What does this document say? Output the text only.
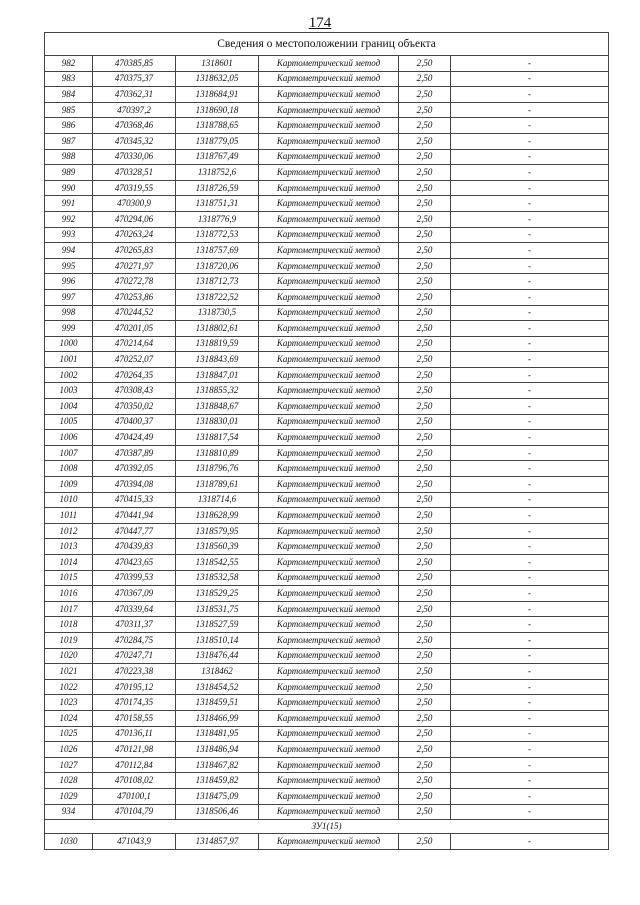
174
Сведения о местоположении границ объекта					
982	470385,85	1318601	Картометрический метод	2,50	-
983	470375,37	1318632,05	Картометрический метод	2,50	-
984	470362,31	1318684,91	Картометрический метод	2,50	-
985	470397,2	1318690,18	Картометрический метод	2,50	-
986	470368,46	1318788,65	Картометрический метод	2,50	-
987	470345,32	1318779,05	Картометрический метод	2,50	-
988	470330,06	1318767,49	Картометрический метод	2,50	-
989	470328,51	1318752,6	Картометрический метод	2,50	-
990	470319,55	1318726,59	Картометрический метод	2,50	-
991	470300,9	1318751,31	Картометрический метод	2,50	-
992	470294,06	1318776,9	Картометрический метод	2,50	-
993	470263,24	1318772,53	Картометрический метод	2,50	-
994	470265,83	1318757,69	Картометрический метод	2,50	-
995	470271,97	1318720,06	Картометрический метод	2,50	-
996	470272,78	1318712,73	Картометрический метод	2,50	-
997	470253,86	1318722,52	Картометрический метод	2,50	-
998	470244,52	1318730,5	Картометрический метод	2,50	-
999	470201,05	1318802,61	Картометрический метод	2,50	-
1000	470214,64	1318819,59	Картометрический метод	2,50	-
1001	470252,07	1318843,69	Картометрический метод	2,50	-
1002	470264,35	1318847,01	Картометрический метод	2,50	-
1003	470308,43	1318855,32	Картометрический метод	2,50	-
1004	470350,02	1318848,67	Картометрический метод	2,50	-
1005	470400,37	1318830,01	Картометрический метод	2,50	-
1006	470424,49	1318817,54	Картометрический метод	2,50	-
1007	470387,89	1318810,89	Картометрический метод	2,50	-
1008	470392,05	1318796,76	Картометрический метод	2,50	-
1009	470394,08	1318789,61	Картометрический метод	2,50	-
1010	470415,33	1318714,6	Картометрический метод	2,50	-
1011	470441,94	1318628,99	Картометрический метод	2,50	-
1012	470447,77	1318579,95	Картометрический метод	2,50	-
1013	470439,83	1318560,39	Картометрический метод	2,50	-
1014	470423,65	1318542,55	Картометрический метод	2,50	-
1015	470399,53	1318532,58	Картометрический метод	2,50	-
1016	470367,09	1318529,25	Картометрический метод	2,50	-
1017	470339,64	1318531,75	Картометрический метод	2,50	-
1018	470311,37	1318527,59	Картометрический метод	2,50	-
1019	470284,75	1318510,14	Картометрический метод	2,50	-
1020	470247,71	1318476,44	Картометрический метод	2,50	-
1021	470223,38	1318462	Картометрический метод	2,50	-
1022	470195,12	1318454,52	Картометрический метод	2,50	-
1023	470174,35	1318459,51	Картометрический метод	2,50	-
1024	470158,55	1318466,99	Картометрический метод	2,50	-
1025	470136,11	1318481,95	Картометрический метод	2,50	-
1026	470121,98	1318486,94	Картометрический метод	2,50	-
1027	470112,84	1318467,82	Картометрический метод	2,50	-
1028	470108,02	1318459,82	Картометрический метод	2,50	-
1029	470100,1	1318475,09	Картометрический метод	2,50	-
934	470104,79	1318506,46	Картометрический метод	2,50	-
ЗУ1(15)					
1030	471043,9	1314857,97	Картометрический метод	2,50	-
